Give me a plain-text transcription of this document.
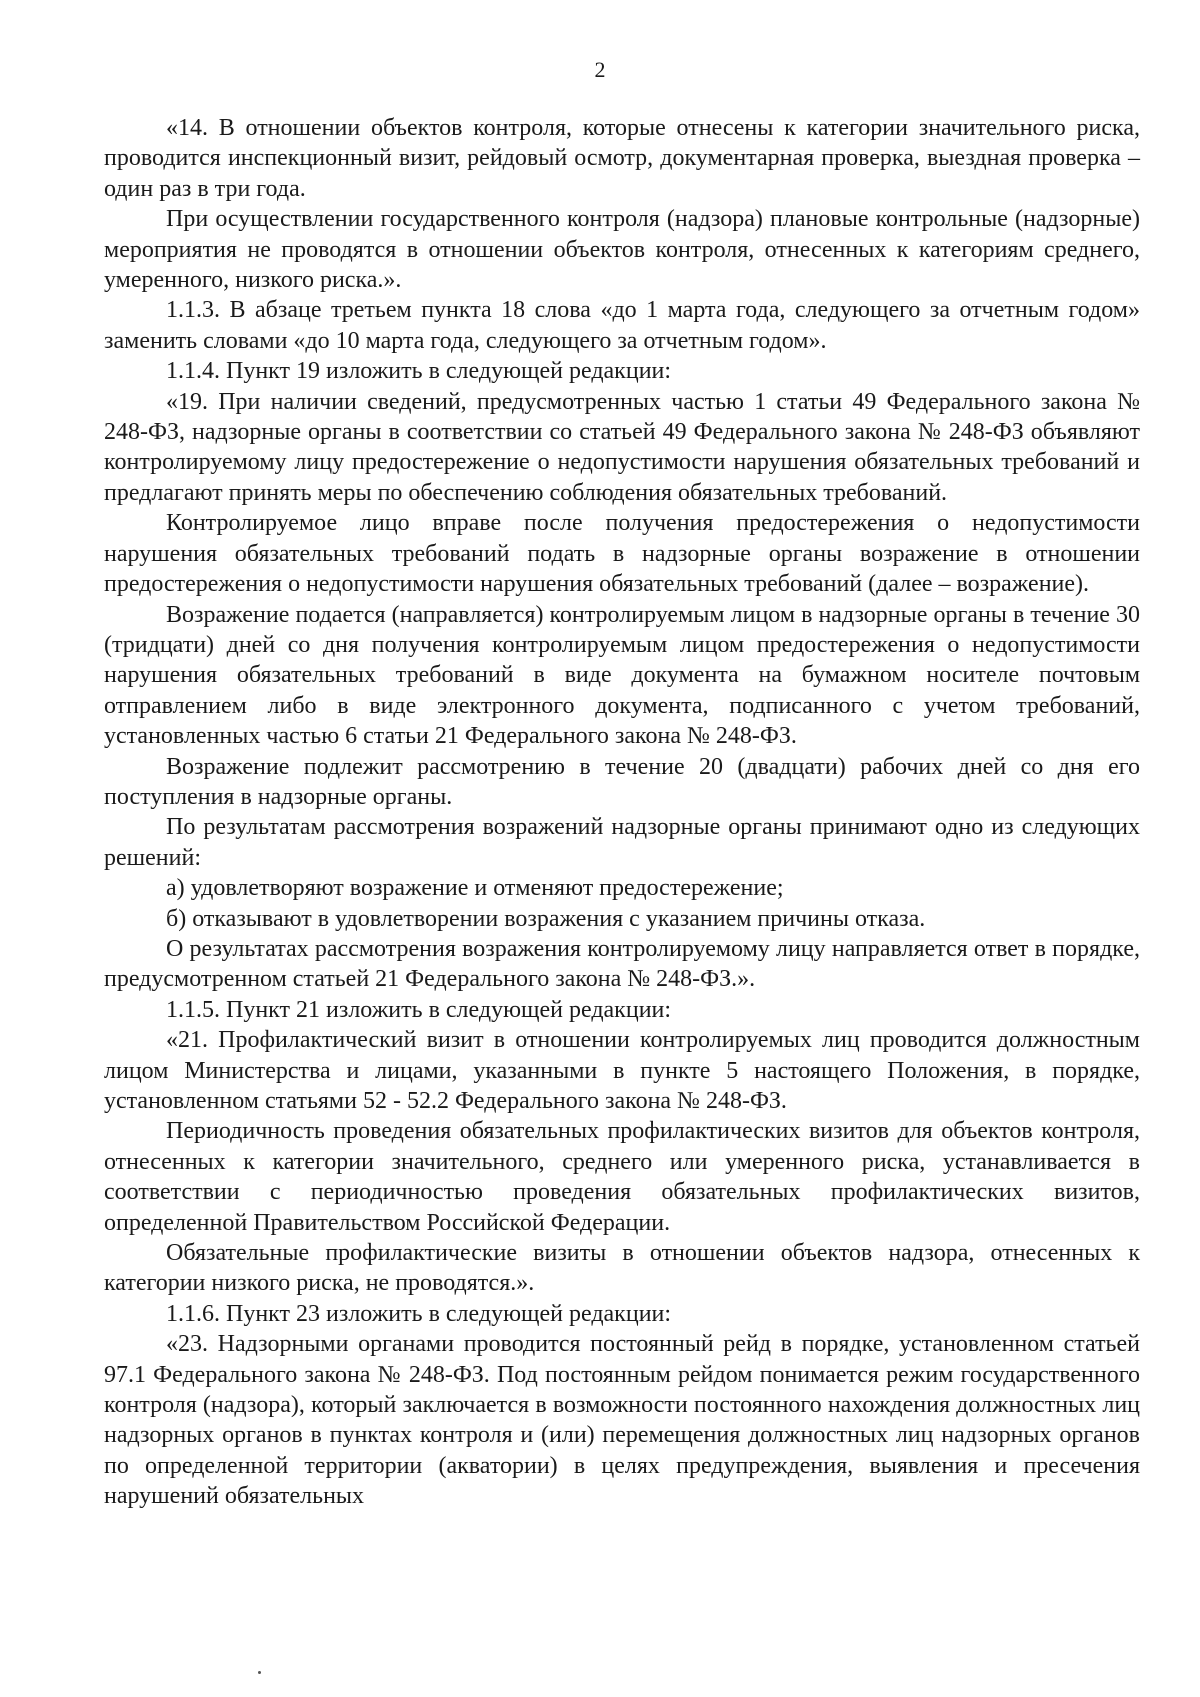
2

«14. В отношении объектов контроля, которые отнесены к категории значительного риска, проводится инспекционный визит, рейдовый осмотр, документарная проверка, выездная проверка – один раз в три года.

При осуществлении государственного контроля (надзора) плановые контрольные (надзорные) мероприятия не проводятся в отношении объектов контроля, отнесенных к категориям среднего, умеренного, низкого риска.».

1.1.3. В абзаце третьем пункта 18 слова «до 1 марта года, следующего за отчетным годом» заменить словами «до 10 марта года, следующего за отчетным годом».

1.1.4. Пункт 19 изложить в следующей редакции:

«19. При наличии сведений, предусмотренных частью 1 статьи 49 Федерального закона № 248-ФЗ, надзорные органы в соответствии со статьей 49 Федерального закона № 248-ФЗ объявляют контролируемому лицу предостережение о недопустимости нарушения обязательных требований и предлагают принять меры по обеспечению соблюдения обязательных требований.

Контролируемое лицо вправе после получения предостережения о недопустимости нарушения обязательных требований подать в надзорные органы возражение в отношении предостережения о недопустимости нарушения обязательных требований (далее – возражение).

Возражение подается (направляется) контролируемым лицом в надзорные органы в течение 30 (тридцати) дней со дня получения контролируемым лицом предостережения о недопустимости нарушения обязательных требований в виде документа на бумажном носителе почтовым отправлением либо в виде электронного документа, подписанного с учетом требований, установленных частью 6 статьи 21 Федерального закона № 248-ФЗ.

Возражение подлежит рассмотрению в течение 20 (двадцати) рабочих дней со дня его поступления в надзорные органы.

По результатам рассмотрения возражений надзорные органы принимают одно из следующих решений:

а) удовлетворяют возражение и отменяют предостережение;

б) отказывают в удовлетворении возражения с указанием причины отказа.

О результатах рассмотрения возражения контролируемому лицу направляется ответ в порядке, предусмотренном статьей 21 Федерального закона № 248-ФЗ.».

1.1.5. Пункт 21 изложить в следующей редакции:

«21. Профилактический визит в отношении контролируемых лиц проводится должностным лицом Министерства и лицами, указанными в пункте 5 настоящего Положения, в порядке, установленном статьями 52 - 52.2 Федерального закона № 248-ФЗ.

Периодичность проведения обязательных профилактических визитов для объектов контроля, отнесенных к категории значительного, среднего или умеренного риска, устанавливается в соответствии с периодичностью проведения обязательных профилактических визитов, определенной Правительством Российской Федерации.

Обязательные профилактические визиты в отношении объектов надзора, отнесенных к категории низкого риска, не проводятся.».

1.1.6. Пункт 23 изложить в следующей редакции:

«23. Надзорными органами проводится постоянный рейд в порядке, установленном статьей 97.1 Федерального закона № 248-ФЗ. Под постоянным рейдом понимается режим государственного контроля (надзора), который заключается в возможности постоянного нахождения должностных лиц надзорных органов в пунктах контроля и (или) перемещения должностных лиц надзорных органов по определенной территории (акватории) в целях предупреждения, выявления и пресечения нарушений обязательных
